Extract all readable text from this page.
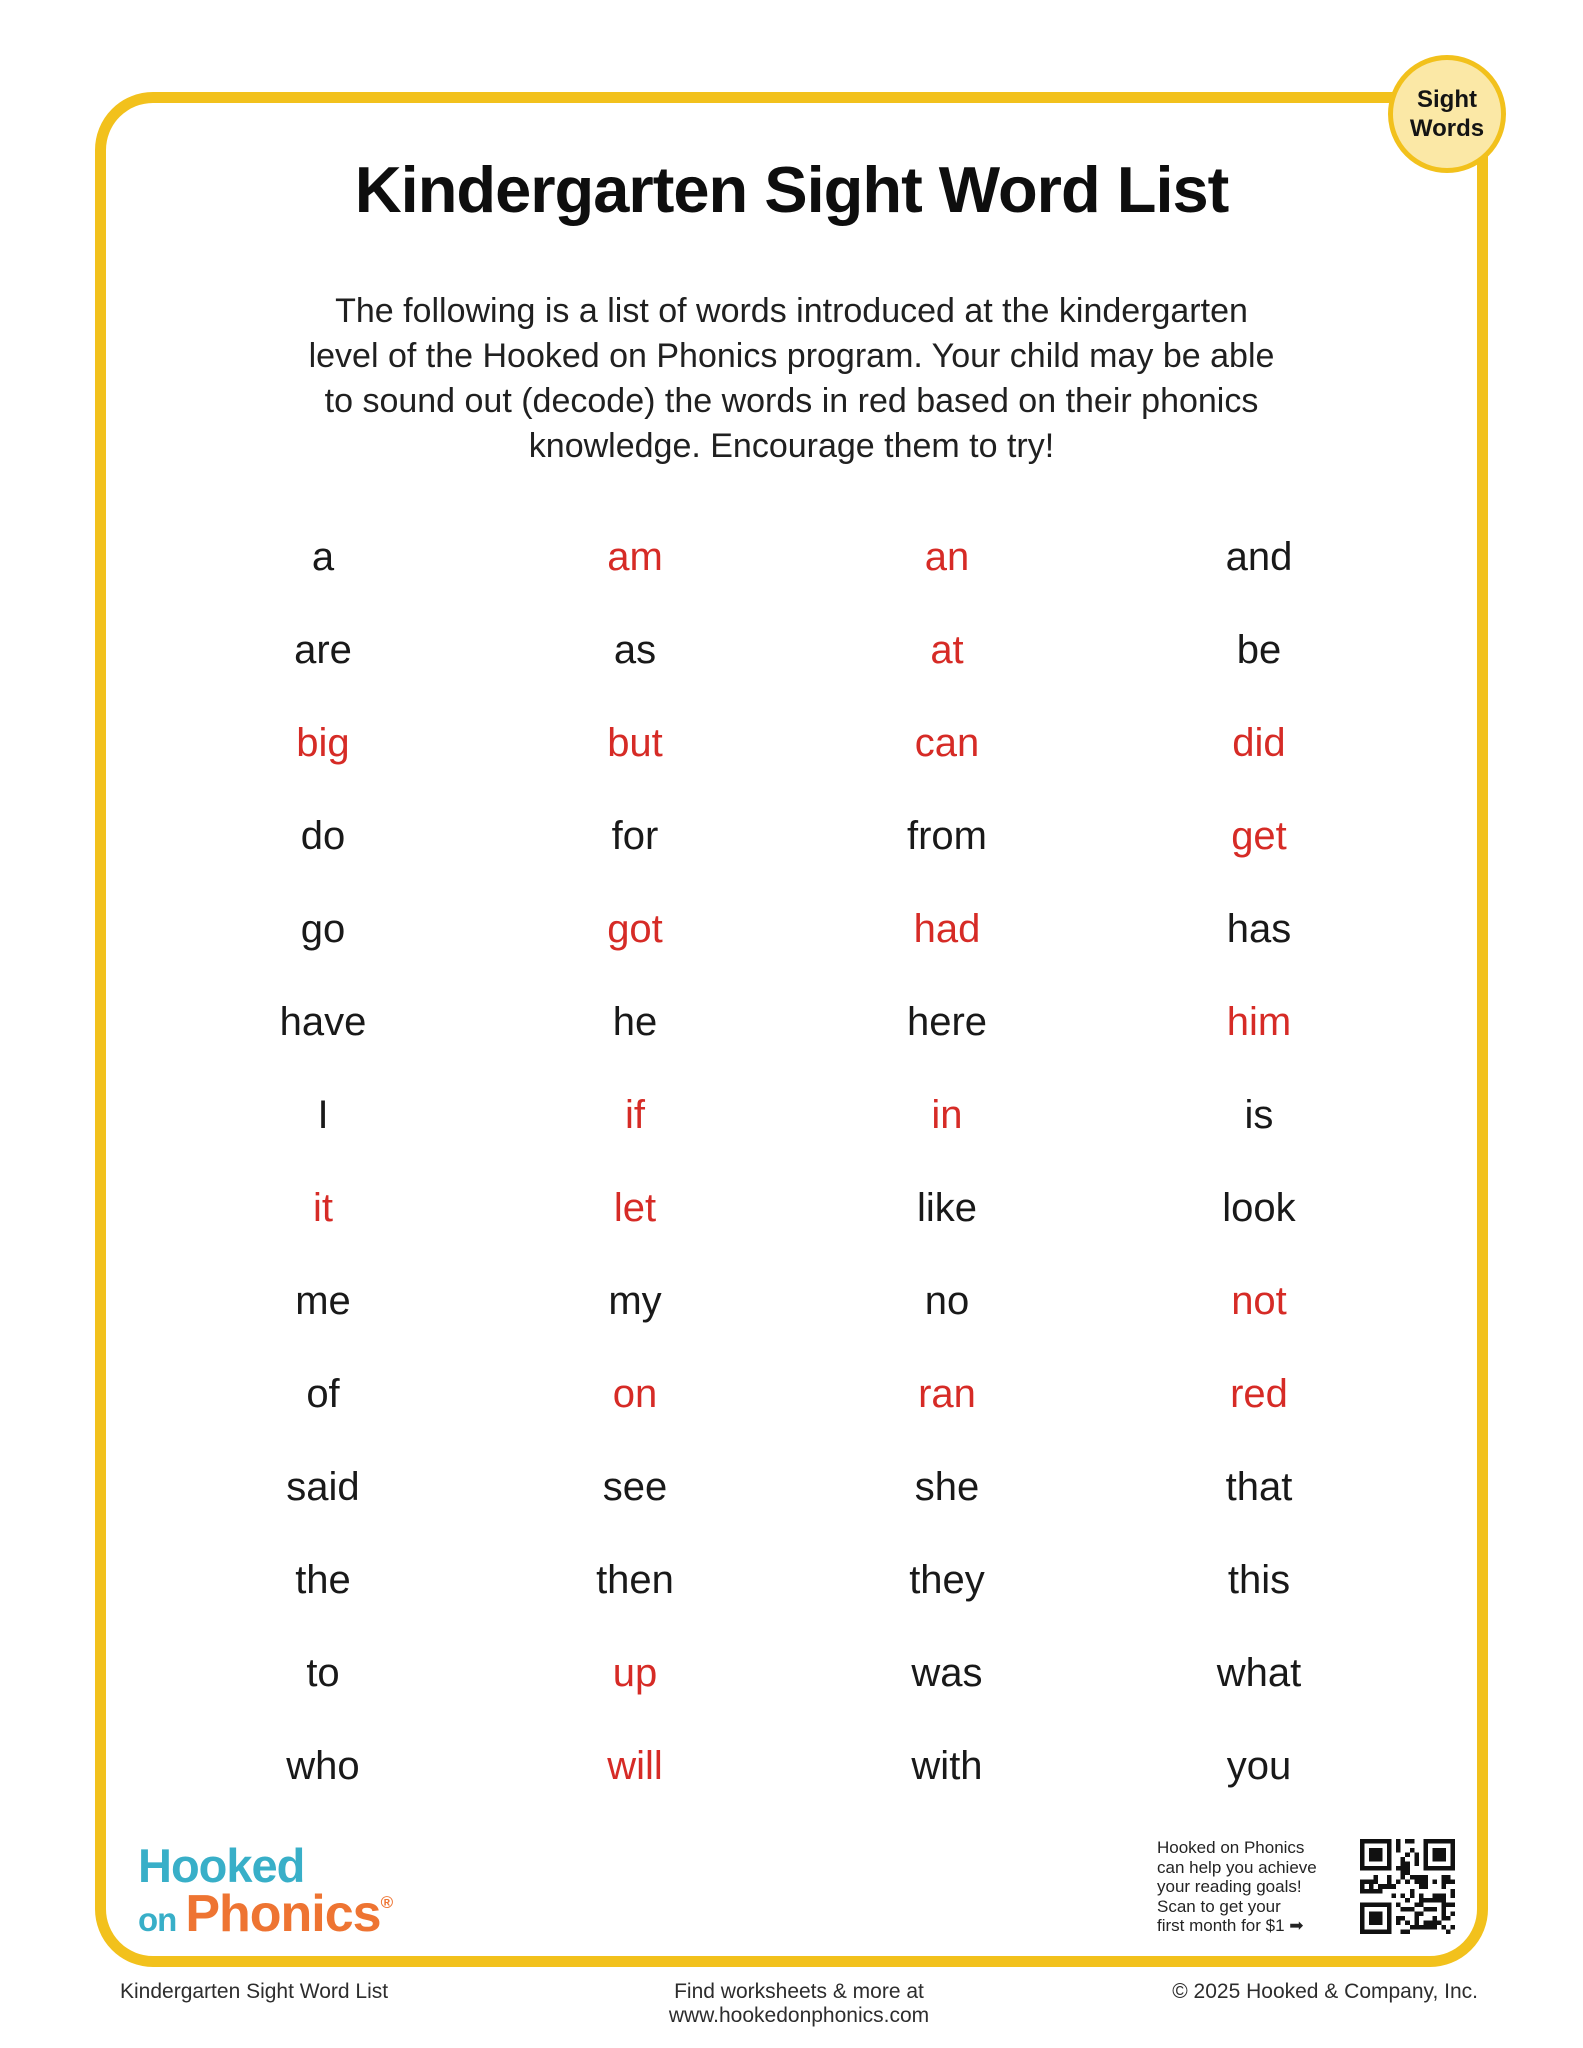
Sight
Words
Kindergarten Sight Word List
The following is a list of words introduced at the kindergarten
level of the Hooked on Phonics program. Your child may be able
to sound out (decode) the words in red based on their phonics
knowledge. Encourage them to try!
a	am	an	and
are	as	at	be
big	but	can	did
do	for	from	get
go	got	had	has
have	he	here	him
I	if	in	is
it	let	like	look
me	my	no	not
of	on	ran	red
said	see	she	that
the	then	they	this
to	up	was	what
who	will	with	you
Hooked
on Phonics ®
Hooked on Phonics
can help you achieve
your reading goals!
Scan to get your
first month for $1 ➡
Kindergarten Sight Word List	Find worksheets & more at www.hookedonphonics.com
© 2025 Hooked & Company, Inc.
